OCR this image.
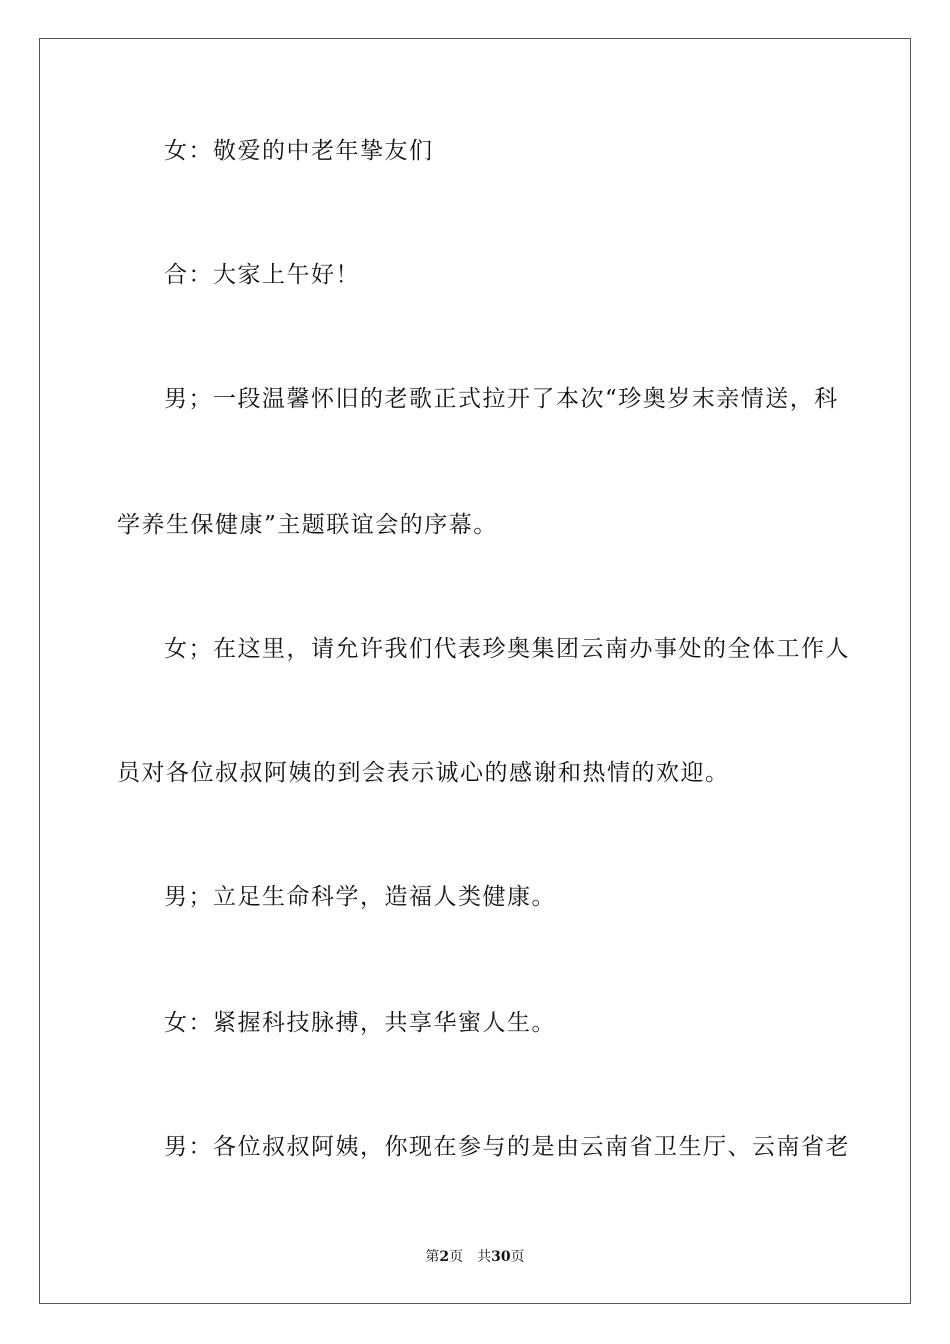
女：敬爱的中老年挚友们
合：大家上午好！
男；一段温馨怀旧的老歌正式拉开了本次“珍奥岁末亲情送，科
学养生保健康”主题联谊会的序幕。
女；在这里，请允许我们代表珍奥集团云南办事处的全体工作人
员对各位叔叔阿姨的到会表示诚心的感谢和热情的欢迎。
男；立足生命科学，造福人类健康。
女：紧握科技脉搏，共享华蜜人生。
男：各位叔叔阿姨，你现在参与的是由云南省卫生厅、云南省老
第2页 共30页
